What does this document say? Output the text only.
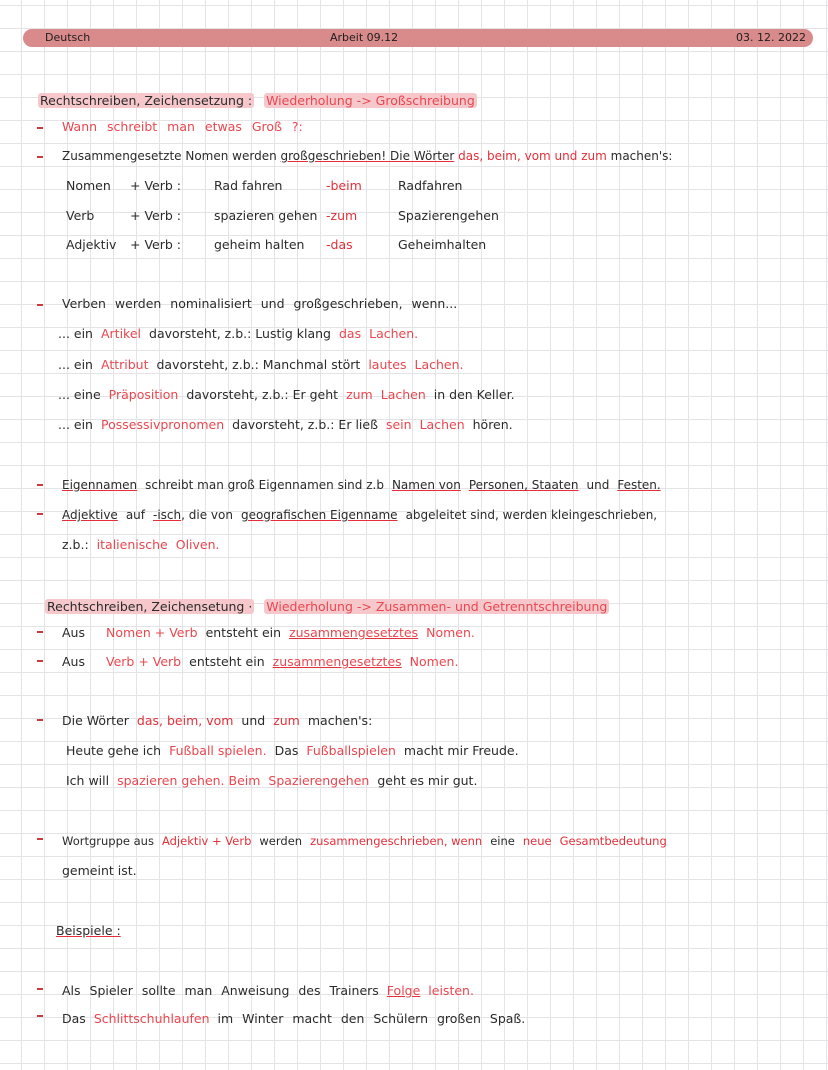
Deutsch	Arbeit 09.12	03. 12. 2022
Rechtschreiben, Zeichensetzung : Wiederholung -> Großschreibung
Wann schreibt man etwas Groß ?:
Zusammengesetzte Nomen werden großgeschrieben! Die Wörter das, beim, vom und zum machen's:
Nomen + Verb :	Rad fahren	-beim	Radfahren
Verb	+ Verb :	spazieren gehen -zum	Spazierengehen
Adjektiv + Verb :	geheim halten -das	Geheimhalten
Verben werden nominalisiert und großgeschrieben, wenn...
... ein Artikel davorsteht, z.b.: Lustig klang das Lachen.
... ein Attribut davorsteht, z.b.: Manchmal stört lautes Lachen.
... eine Präposition davorsteht, z.b.: Er geht zum Lachen in den Keller.
... ein Possessivpronomen davorsteht, z.b.: Er ließ sein Lachen hören.
Eigennamen schreibt man groß Eigennamen sind z.b Namen von Personen, Staaten und Festen.
Adjektive auf -isch, die von geografischen Eigenname abgeleitet sind, werden kleingeschrieben,
z.b.: italienische Oliven.
Rechtschreiben, Zeichensetung · Wiederholung -> Zusammen- und Getrenntschreibung
Aus Nomen + Verb entsteht ein zusammengesetztes Nomen.
Aus Verb + Verb entsteht ein zusammengesetztes Nomen.
Die Wörter das, beim, vom und zum machen's:
Heute gehe ich Fußball spielen. Das Fußballspielen macht mir Freude.
Ich will spazieren gehen. Beim Spazierengehen geht es mir gut.
Wortgruppe aus Adjektiv + Verb werden zusammengeschrieben, wenn eine neue Gesamtbedeutung
gemeint ist.
Beispiele :
Als Spieler sollte man Anweisung des Trainers Folge leisten.
Das Schlittschuhlaufen im Winter macht den Schülern großen Spaß.
